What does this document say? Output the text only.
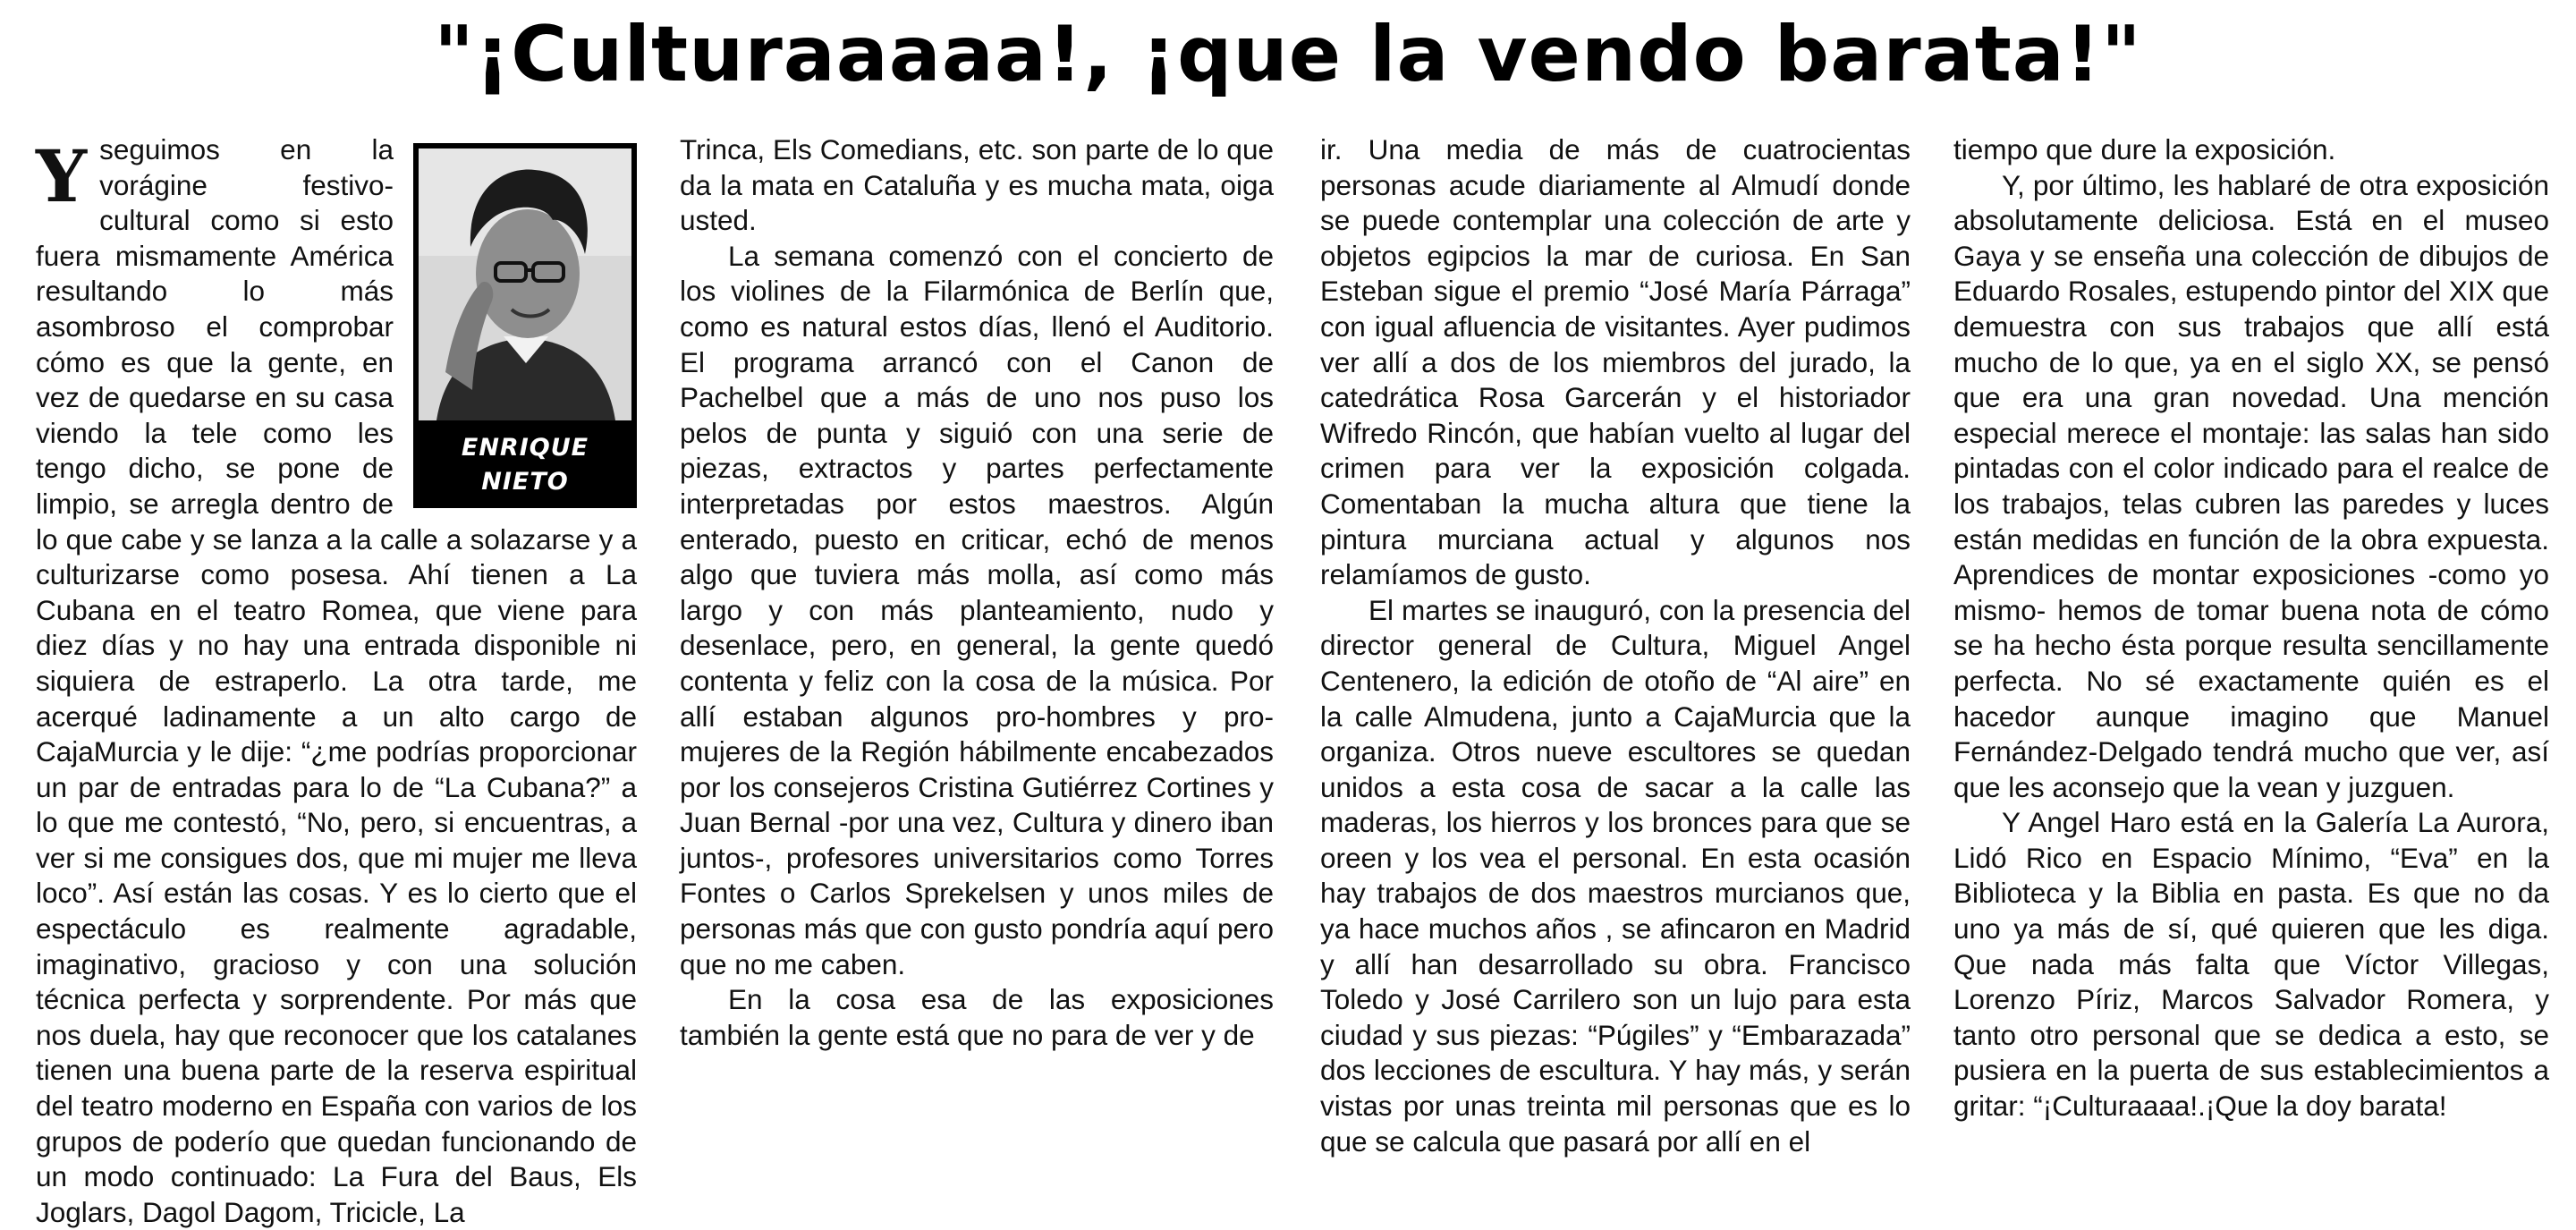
"¡Culturaaaaa!, ¡que la vendo barata!"
ENRIQUE
NIETO

Yseguimos en la vorágine festivo-cultural como si esto fuera mismamente América resultando lo más asombroso el comprobar cómo es que la gente, en vez de quedarse en su casa viendo la tele como les tengo dicho, se pone de limpio, se arregla dentro de lo que cabe y se lanza a la calle a solazarse y a culturizarse como posesa. Ahí tienen a La Cubana en el teatro Romea, que viene para diez días y no hay una entrada disponible ni siquiera de estraperlo. La otra tarde, me acerqué ladinamente a un alto cargo de CajaMurcia y le dije: “¿me podrías proporcionar un par de entradas para lo de “La Cubana?” a lo que me contestó, “No, pero, si encuentras, a ver si me consigues dos, que mi mujer me lleva loco”. Así están las cosas. Y es lo cierto que el espectáculo es realmente agradable, imaginativo, gracioso y con una solución técnica perfecta y sorprendente. Por más que nos duela, hay que reconocer que los catalanes tienen una buena parte de la reserva espiritual del teatro moderno en España con varios de los grupos de poderío que quedan funcionando de un modo continuado: La Fura del Baus, Els Joglars, Dagol Dagom, Tricicle, La

Trinca, Els Comedians, etc. son parte de lo que da la mata en Cataluña y es mucha mata, oiga usted.

La semana comenzó con el concierto de los violines de la Filarmónica de Berlín que, como es natural estos días, llenó el Auditorio. El programa arrancó con el Canon de Pachelbel que a más de uno nos puso los pelos de punta y siguió con una serie de piezas, extractos y partes perfectamente interpretadas por estos maestros. Algún enterado, puesto en criticar, echó de menos algo que tuviera más molla, así como más largo y con más planteamiento, nudo y desenlace, pero, en general, la gente quedó contenta y feliz con la cosa de la música. Por allí estaban algunos pro-hombres y pro-mujeres de la Región hábilmente encabezados por los consejeros Cristina Gutiérrez Cortines y Juan Bernal -por una vez, Cultura y dinero iban juntos-, profesores universitarios como Torres Fontes o Carlos Sprekelsen y unos miles de personas más que con gusto pondría aquí pero que no me caben.

En la cosa esa de las exposiciones también la gente está que no para de ver y de

ir. Una media de más de cuatrocientas personas acude diariamente al Almudí donde se puede contemplar una colección de arte y objetos egipcios la mar de curiosa. En San Esteban sigue el premio “José María Párraga” con igual afluencia de visitantes. Ayer pudimos ver allí a dos de los miembros del jurado, la catedrática Rosa Garcerán y el historiador Wifredo Rincón, que habían vuelto al lugar del crimen para ver la exposición colgada. Comentaban la mucha altura que tiene la pintura murciana actual y algunos nos relamíamos de gusto.

El martes se inauguró, con la presencia del director general de Cultura, Miguel Angel Centenero, la edición de otoño de “Al aire” en la calle Almudena, junto a CajaMurcia que la organiza. Otros nueve escultores se quedan unidos a esta cosa de sacar a la calle las maderas, los hierros y los bronces para que se oreen y los vea el personal. En esta ocasión hay trabajos de dos maestros murcianos que, ya hace muchos años , se afincaron en Madrid y allí han desarrollado su obra. Francisco Toledo y José Carrilero son un lujo para esta ciudad y sus piezas: “Púgiles” y “Embarazada” dos lecciones de escultura. Y hay más, y serán vistas por unas treinta mil personas que es lo que se calcula que pasará por allí en el

tiempo que dure la exposición.

Y, por último, les hablaré de otra exposición absolutamente deliciosa. Está en el museo Gaya y se enseña una colección de dibujos de Eduardo Rosales, estupendo pintor del XIX que demuestra con sus trabajos que allí está mucho de lo que, ya en el siglo XX, se pensó que era una gran novedad. Una mención especial merece el montaje: las salas han sido pintadas con el color indicado para el realce de los trabajos, telas cubren las paredes y luces están medidas en función de la obra expuesta. Aprendices de montar exposiciones -como yo mismo- hemos de tomar buena nota de cómo se ha hecho ésta porque resulta sencillamente perfecta. No sé exactamente quién es el hacedor aunque imagino que Manuel Fernández-Delgado tendrá mucho que ver, así que les aconsejo que la vean y juzguen.

Y Angel Haro está en la Galería La Aurora, Lidó Rico en Espacio Mínimo, “Eva” en la Biblioteca y la Biblia en pasta. Es que no da uno ya más de sí, qué quieren que les diga. Que nada más falta que Víctor Villegas, Lorenzo Píriz, Marcos Salvador Romera, y tanto otro personal que se dedica a esto, se pusiera en la puerta de sus establecimientos a gritar: “¡Culturaaaa!.¡Que la doy barata!
